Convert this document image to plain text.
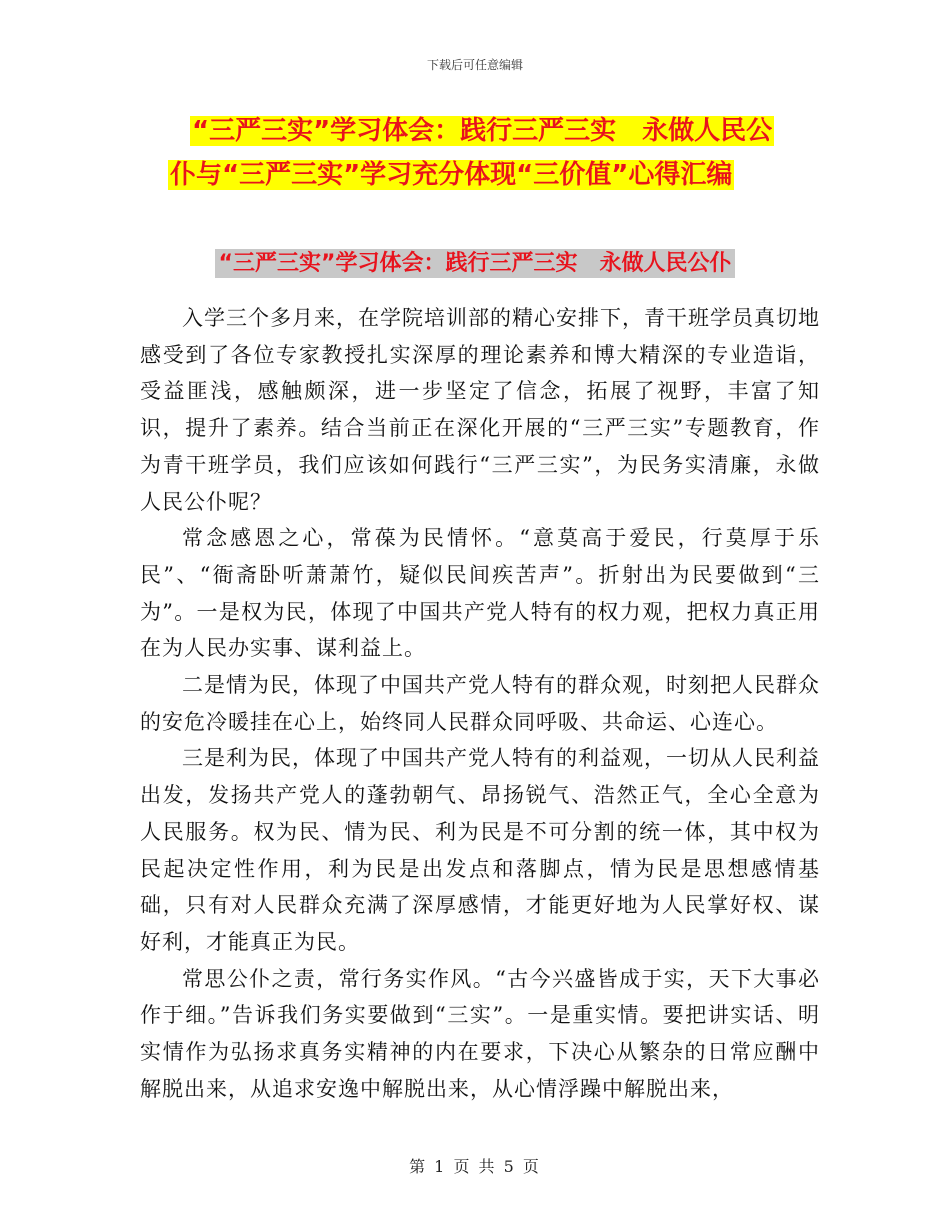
下载后可任意编辑
“三严三实”学习体会：践行三严三实　永做人民公
仆与“三严三实”学习充分体现“三价值”心得汇编
“三严三实”学习体会：践行三严三实　永做人民公仆

入学三个多月来，在学院培训部的精心安排下，青干班学员真切地感受到了各位专家教授扎实深厚的理论素养和博大精深的专业造诣，受益匪浅，感触颇深，进一步坚定了信念，拓展了视野，丰富了知识，提升了素养。结合当前正在深化开展的“三严三实”专题教育，作为青干班学员，我们应该如何践行“三严三实”，为民务实清廉，永做人民公仆呢？

常念感恩之心，常葆为民情怀。“意莫高于爱民，行莫厚于乐民”、“衙斋卧听萧萧竹，疑似民间疾苦声”。折射出为民要做到“三为”。一是权为民，体现了中国共产党人特有的权力观，把权力真正用在为人民办实事、谋利益上。

二是情为民，体现了中国共产党人特有的群众观，时刻把人民群众的安危冷暖挂在心上，始终同人民群众同呼吸、共命运、心连心。

三是利为民，体现了中国共产党人特有的利益观，一切从人民利益出发，发扬共产党人的蓬勃朝气、昂扬锐气、浩然正气，全心全意为人民服务。权为民、情为民、利为民是不可分割的统一体，其中权为民起决定性作用，利为民是出发点和落脚点，情为民是思想感情基础，只有对人民群众充满了深厚感情，才能更好地为人民掌好权、谋好利，才能真正为民。

常思公仆之责，常行务实作风。“古今兴盛皆成于实，天下大事必作于细。”告诉我们务实要做到“三实”。一是重实情。要把讲实话、明实情作为弘扬求真务实精神的内在要求，下决心从繁杂的日常应酬中解脱出来，从追求安逸中解脱出来，从心情浮躁中解脱出来，

第 1 页 共 5 页
